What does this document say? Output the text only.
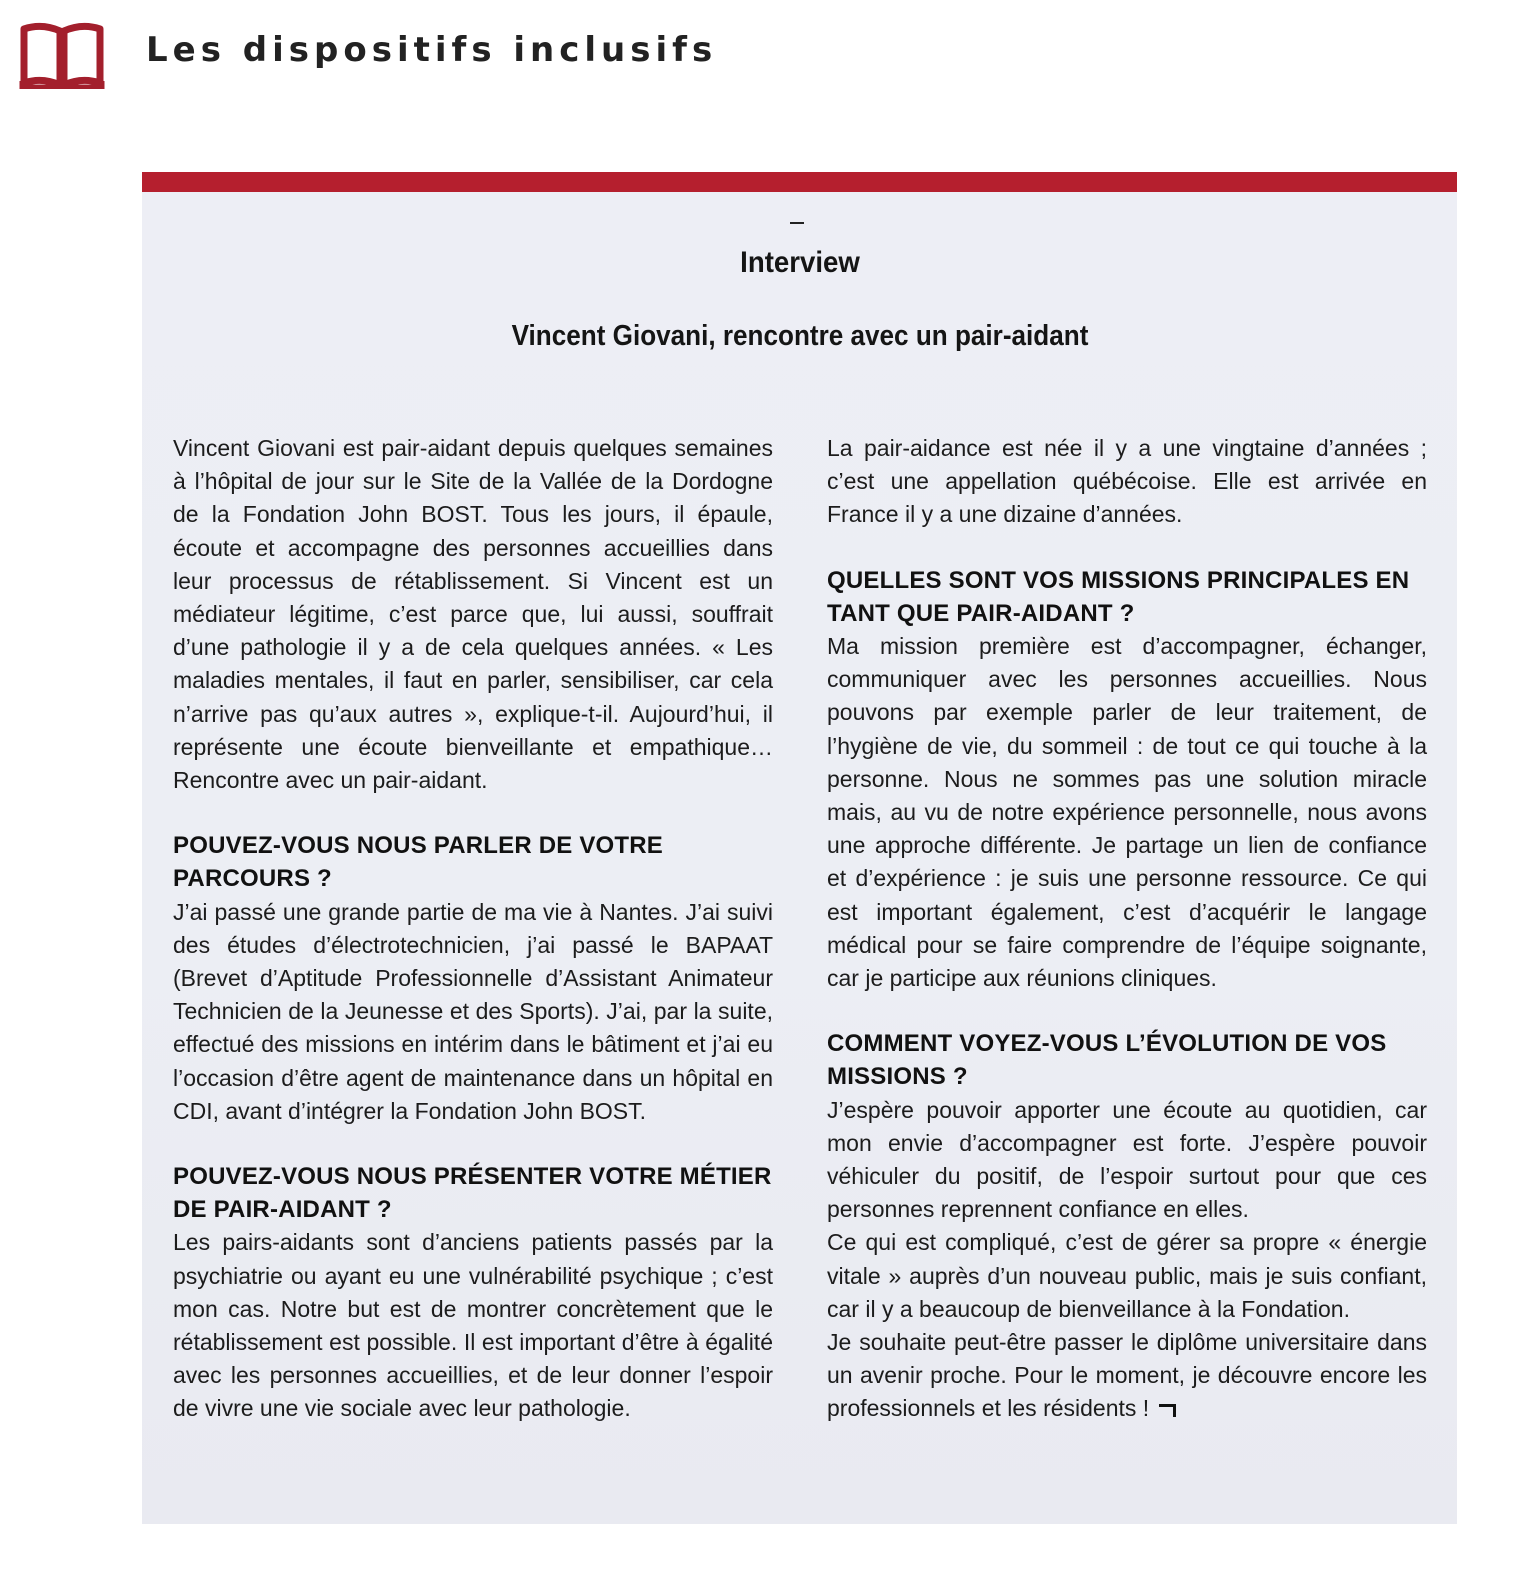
Les dispositifs inclusifs
Interview
Vincent Giovani, rencontre avec un pair-aidant

Vincent Giovani est pair-aidant depuis quelques semaines à l’hôpital de jour sur le Site de la Vallée de la Dordogne de la Fondation John BOST. Tous les jours, il épaule, écoute et accompagne des personnes accueillies dans leur processus de rétablissement. Si Vincent est un médiateur légitime, c’est parce que, lui aussi, souffrait d’une pathologie il y a de cela quelques années. « Les maladies mentales, il faut en parler, sensibiliser, car cela n’arrive pas qu’aux autres », explique-t-il. Aujourd’hui, il représente une écoute bienveillante et empathique… Rencontre avec un pair-aidant.

POUVEZ-VOUS NOUS PARLER DE VOTRE PARCOURS ?

J’ai passé une grande partie de ma vie à Nantes. J’ai suivi des études d’électrotechnicien, j’ai passé le BAPAAT (Brevet d’Aptitude Professionnelle d’Assistant Animateur Technicien de la Jeunesse et des Sports). J’ai, par la suite, effectué des missions en intérim dans le bâtiment et j’ai eu l’occasion d’être agent de maintenance dans un hôpital en CDI, avant d’intégrer la Fondation John BOST.

POUVEZ-VOUS NOUS PRÉSENTER VOTRE MÉTIER DE PAIR-AIDANT ?

Les pairs-aidants sont d’anciens patients passés par la psychiatrie ou ayant eu une vulnérabilité psychique ; c’est mon cas. Notre but est de montrer concrètement que le rétablissement est possible. Il est important d’être à égalité avec les personnes accueillies, et de leur donner l’espoir de vivre une vie sociale avec leur pathologie.

La pair-aidance est née il y a une vingtaine d’années ; c’est une appellation québécoise. Elle est arrivée en France il y a une dizaine d’années.

QUELLES SONT VOS MISSIONS PRINCIPALES EN TANT QUE PAIR-AIDANT ?

Ma mission première est d’accompagner, échanger, communiquer avec les personnes accueillies. Nous pouvons par exemple parler de leur traitement, de l’hygiène de vie, du sommeil : de tout ce qui touche à la personne. Nous ne sommes pas une solution miracle mais, au vu de notre expérience personnelle, nous avons une approche différente. Je partage un lien de confiance et d’expérience : je suis une personne ressource. Ce qui est important également, c’est d’acquérir le langage médical pour se faire comprendre de l’équipe soignante, car je participe aux réunions cliniques.

COMMENT VOYEZ-VOUS L’ÉVOLUTION DE VOS MISSIONS ?

J’espère pouvoir apporter une écoute au quotidien, car mon envie d’accompagner est forte. J’espère pouvoir véhiculer du positif, de l’espoir surtout pour que ces personnes reprennent confiance en elles.

Ce qui est compliqué, c’est de gérer sa propre « énergie vitale » auprès d’un nouveau public, mais je suis confiant, car il y a beaucoup de bienveillance à la Fondation.

Je souhaite peut-être passer le diplôme universitaire dans un avenir proche. Pour le moment, je découvre encore les professionnels et les résidents !
